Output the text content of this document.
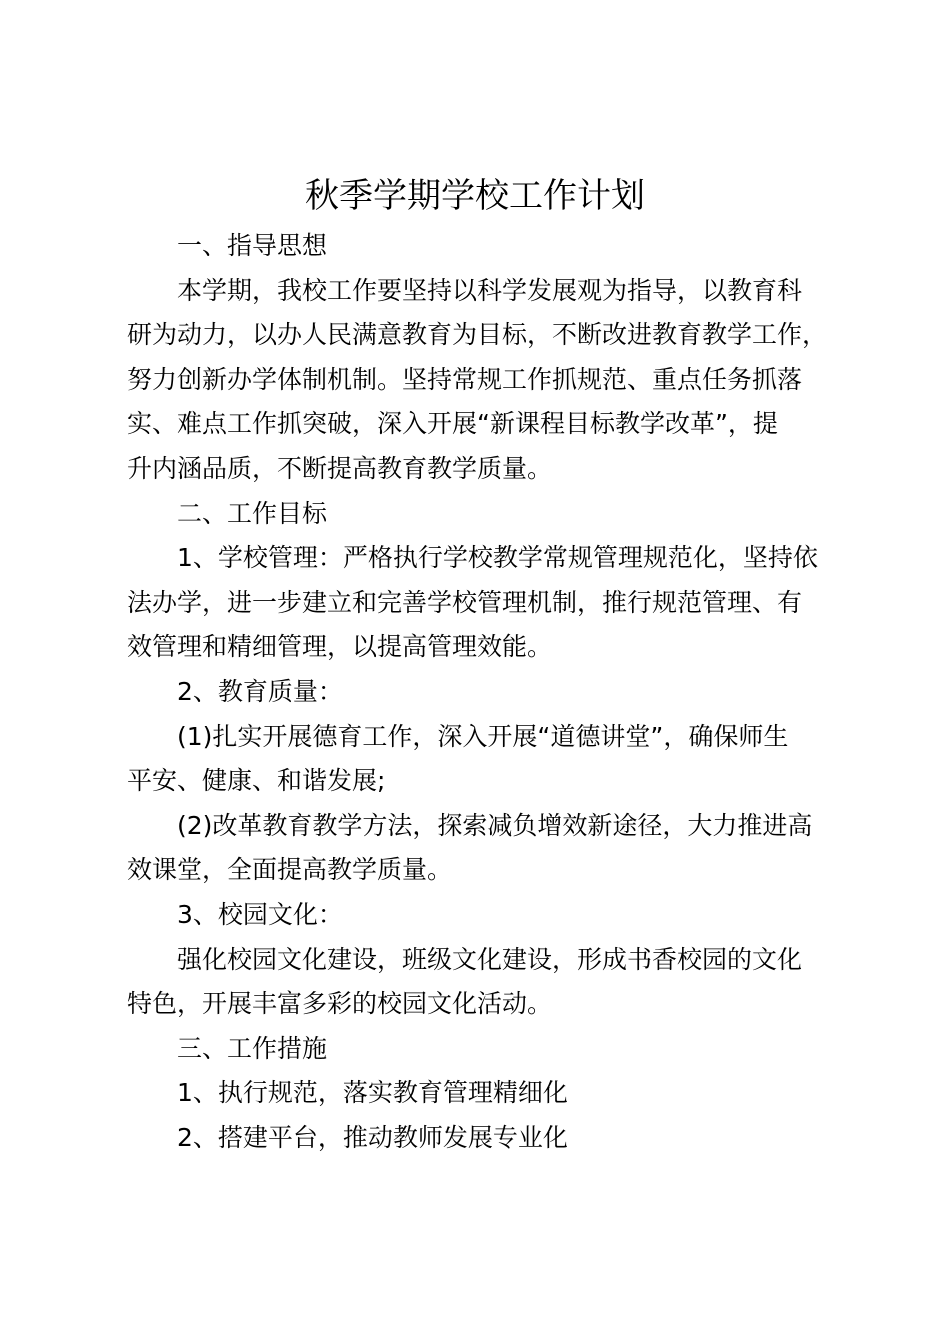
秋季学期学校工作计划

一、指导思想

本学期，我校工作要坚持以科学发展观为指导，以教育科
研为动力，以办人民满意教育为目标，不断改进教育教学工作，
努力创新办学体制机制。坚持常规工作抓规范、重点任务抓落
实、难点工作抓突破，深入开展“新课程目标教学改革”，提
升内涵品质，不断提高教育教学质量。

二、工作目标

1、学校管理：严格执行学校教学常规管理规范化，坚持依
法办学，进一步建立和完善学校管理机制，推行规范管理、有
效管理和精细管理，以提高管理效能。

2、教育质量：

(1)扎实开展德育工作，深入开展“道德讲堂”，确保师生
平安、健康、和谐发展;
(2)改革教育教学方法，探索减负增效新途径，大力推进高
效课堂，全面提高教学质量。

3、校园文化：

强化校园文化建设，班级文化建设，形成书香校园的文化
特色，开展丰富多彩的校园文化活动。

三、工作措施

1、执行规范，落实教育管理精细化

2、搭建平台，推动教师发展专业化
